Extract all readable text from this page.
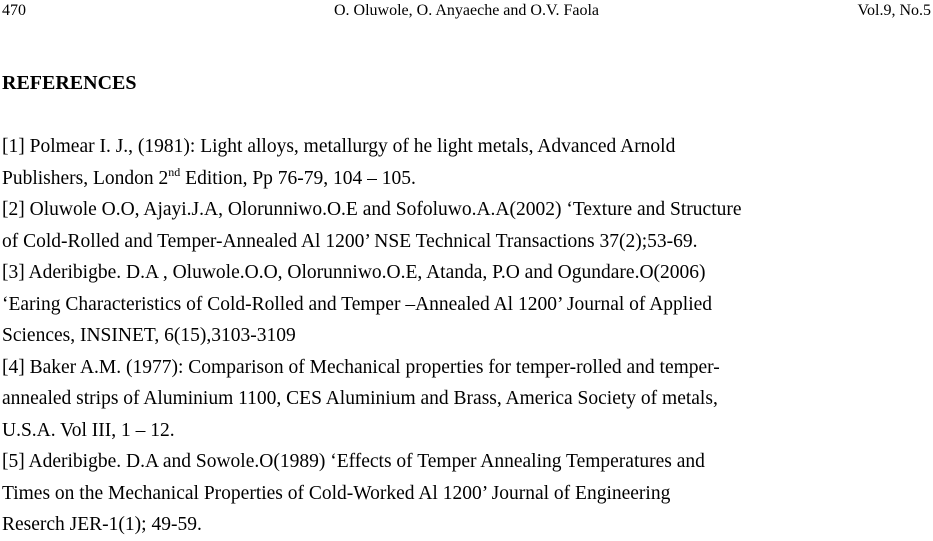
470	O. Oluwole, O. Anyaeche and O.V. Faola	Vol.9, No.5
REFERENCES
[1] Polmear I. J., (1981): Light alloys, metallurgy of he light metals, Advanced Arnold
Publishers, London 2nd Edition, Pp 76-79, 104 – 105.
[2] Oluwole O.O, Ajayi.J.A, Olorunniwo.O.E and Sofoluwo.A.A(2002) ‘Texture and Structure
of Cold-Rolled and Temper-Annealed Al 1200’ NSE Technical Transactions 37(2);53-69.
[3] Aderibigbe. D.A , Oluwole.O.O, Olorunniwo.O.E, Atanda, P.O and Ogundare.O(2006)
‘Earing Characteristics of Cold-Rolled and Temper –Annealed Al 1200’ Journal of Applied
Sciences, INSINET, 6(15),3103-3109
[4] Baker A.M. (1977): Comparison of Mechanical properties for temper-rolled and temper-
annealed strips of Aluminium 1100, CES Aluminium and Brass, America Society of metals,
U.S.A. Vol III, 1 – 12.
[5] Aderibigbe. D.A and Sowole.O(1989) ‘Effects of Temper Annealing Temperatures and
Times on the Mechanical Properties of Cold-Worked Al 1200’ Journal of Engineering
Reserch JER-1(1); 49-59.
